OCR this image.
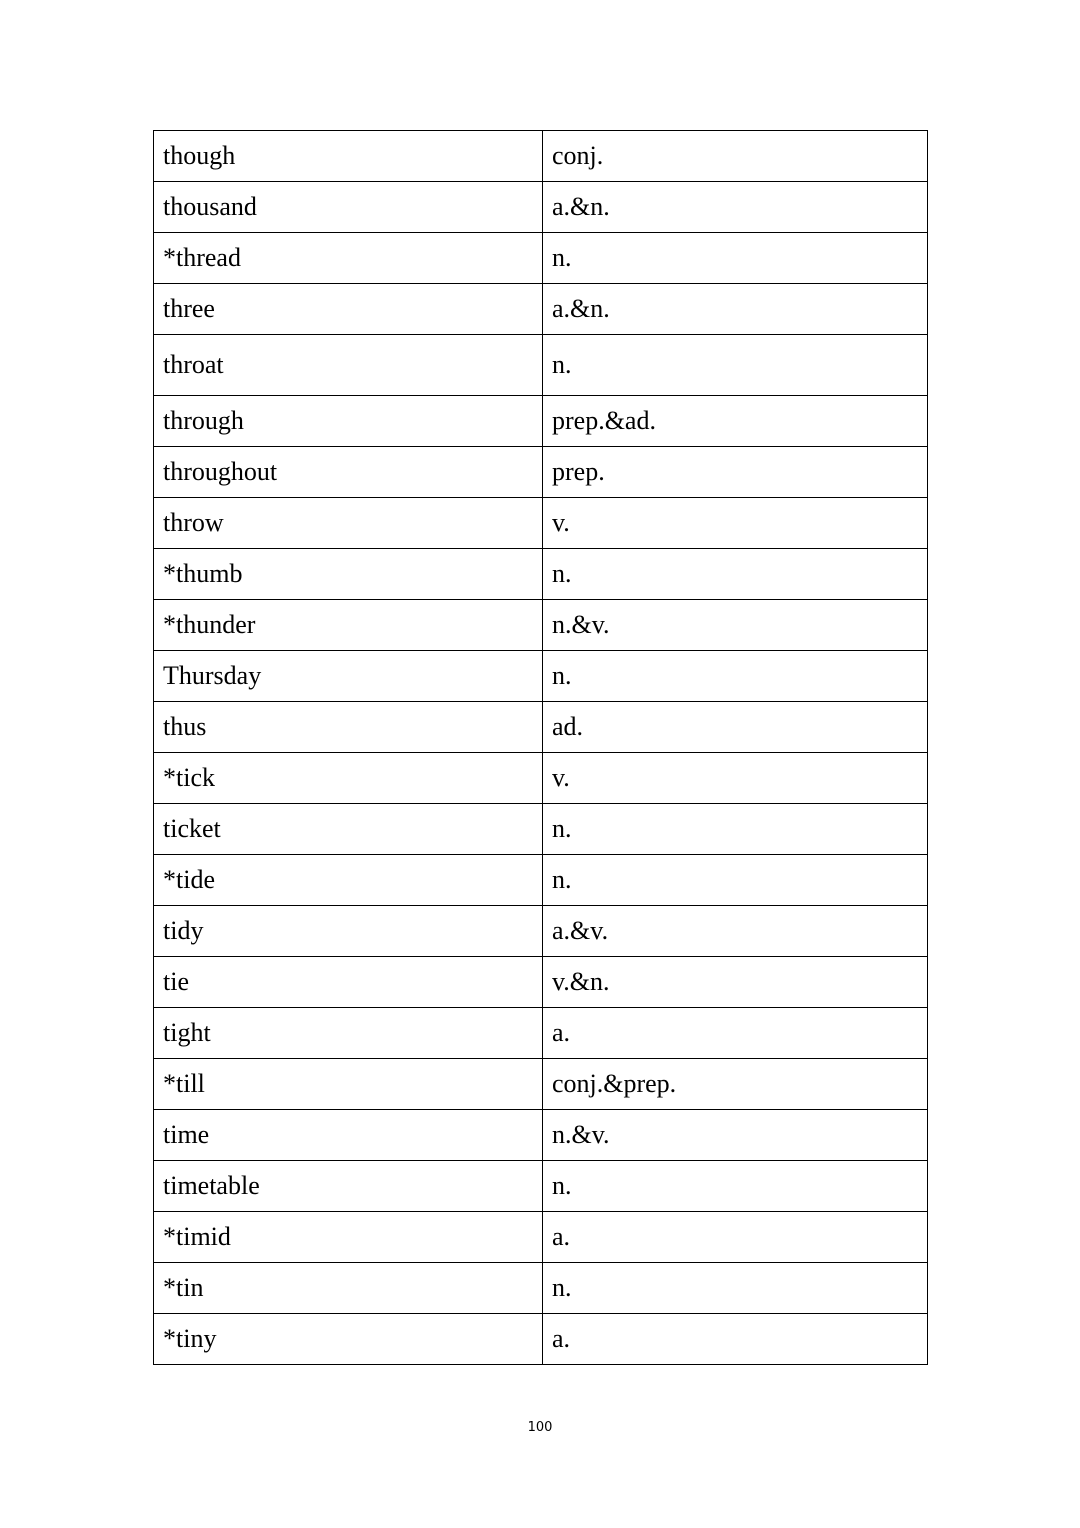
though	conj.
thousand	a.&n.
*thread	n.
three	a.&n.
throat	n.
through	prep.&ad.
throughout	prep.
throw	v.
*thumb	n.
*thunder	n.&v.
Thursday	n.
thus	ad.
*tick	v.
ticket	n.
*tide	n.
tidy	a.&v.
tie	v.&n.
tight	a.
*till	conj.&prep.
time	n.&v.
timetable	n.
*timid	a.
*tin	n.
*tiny	a.
100
